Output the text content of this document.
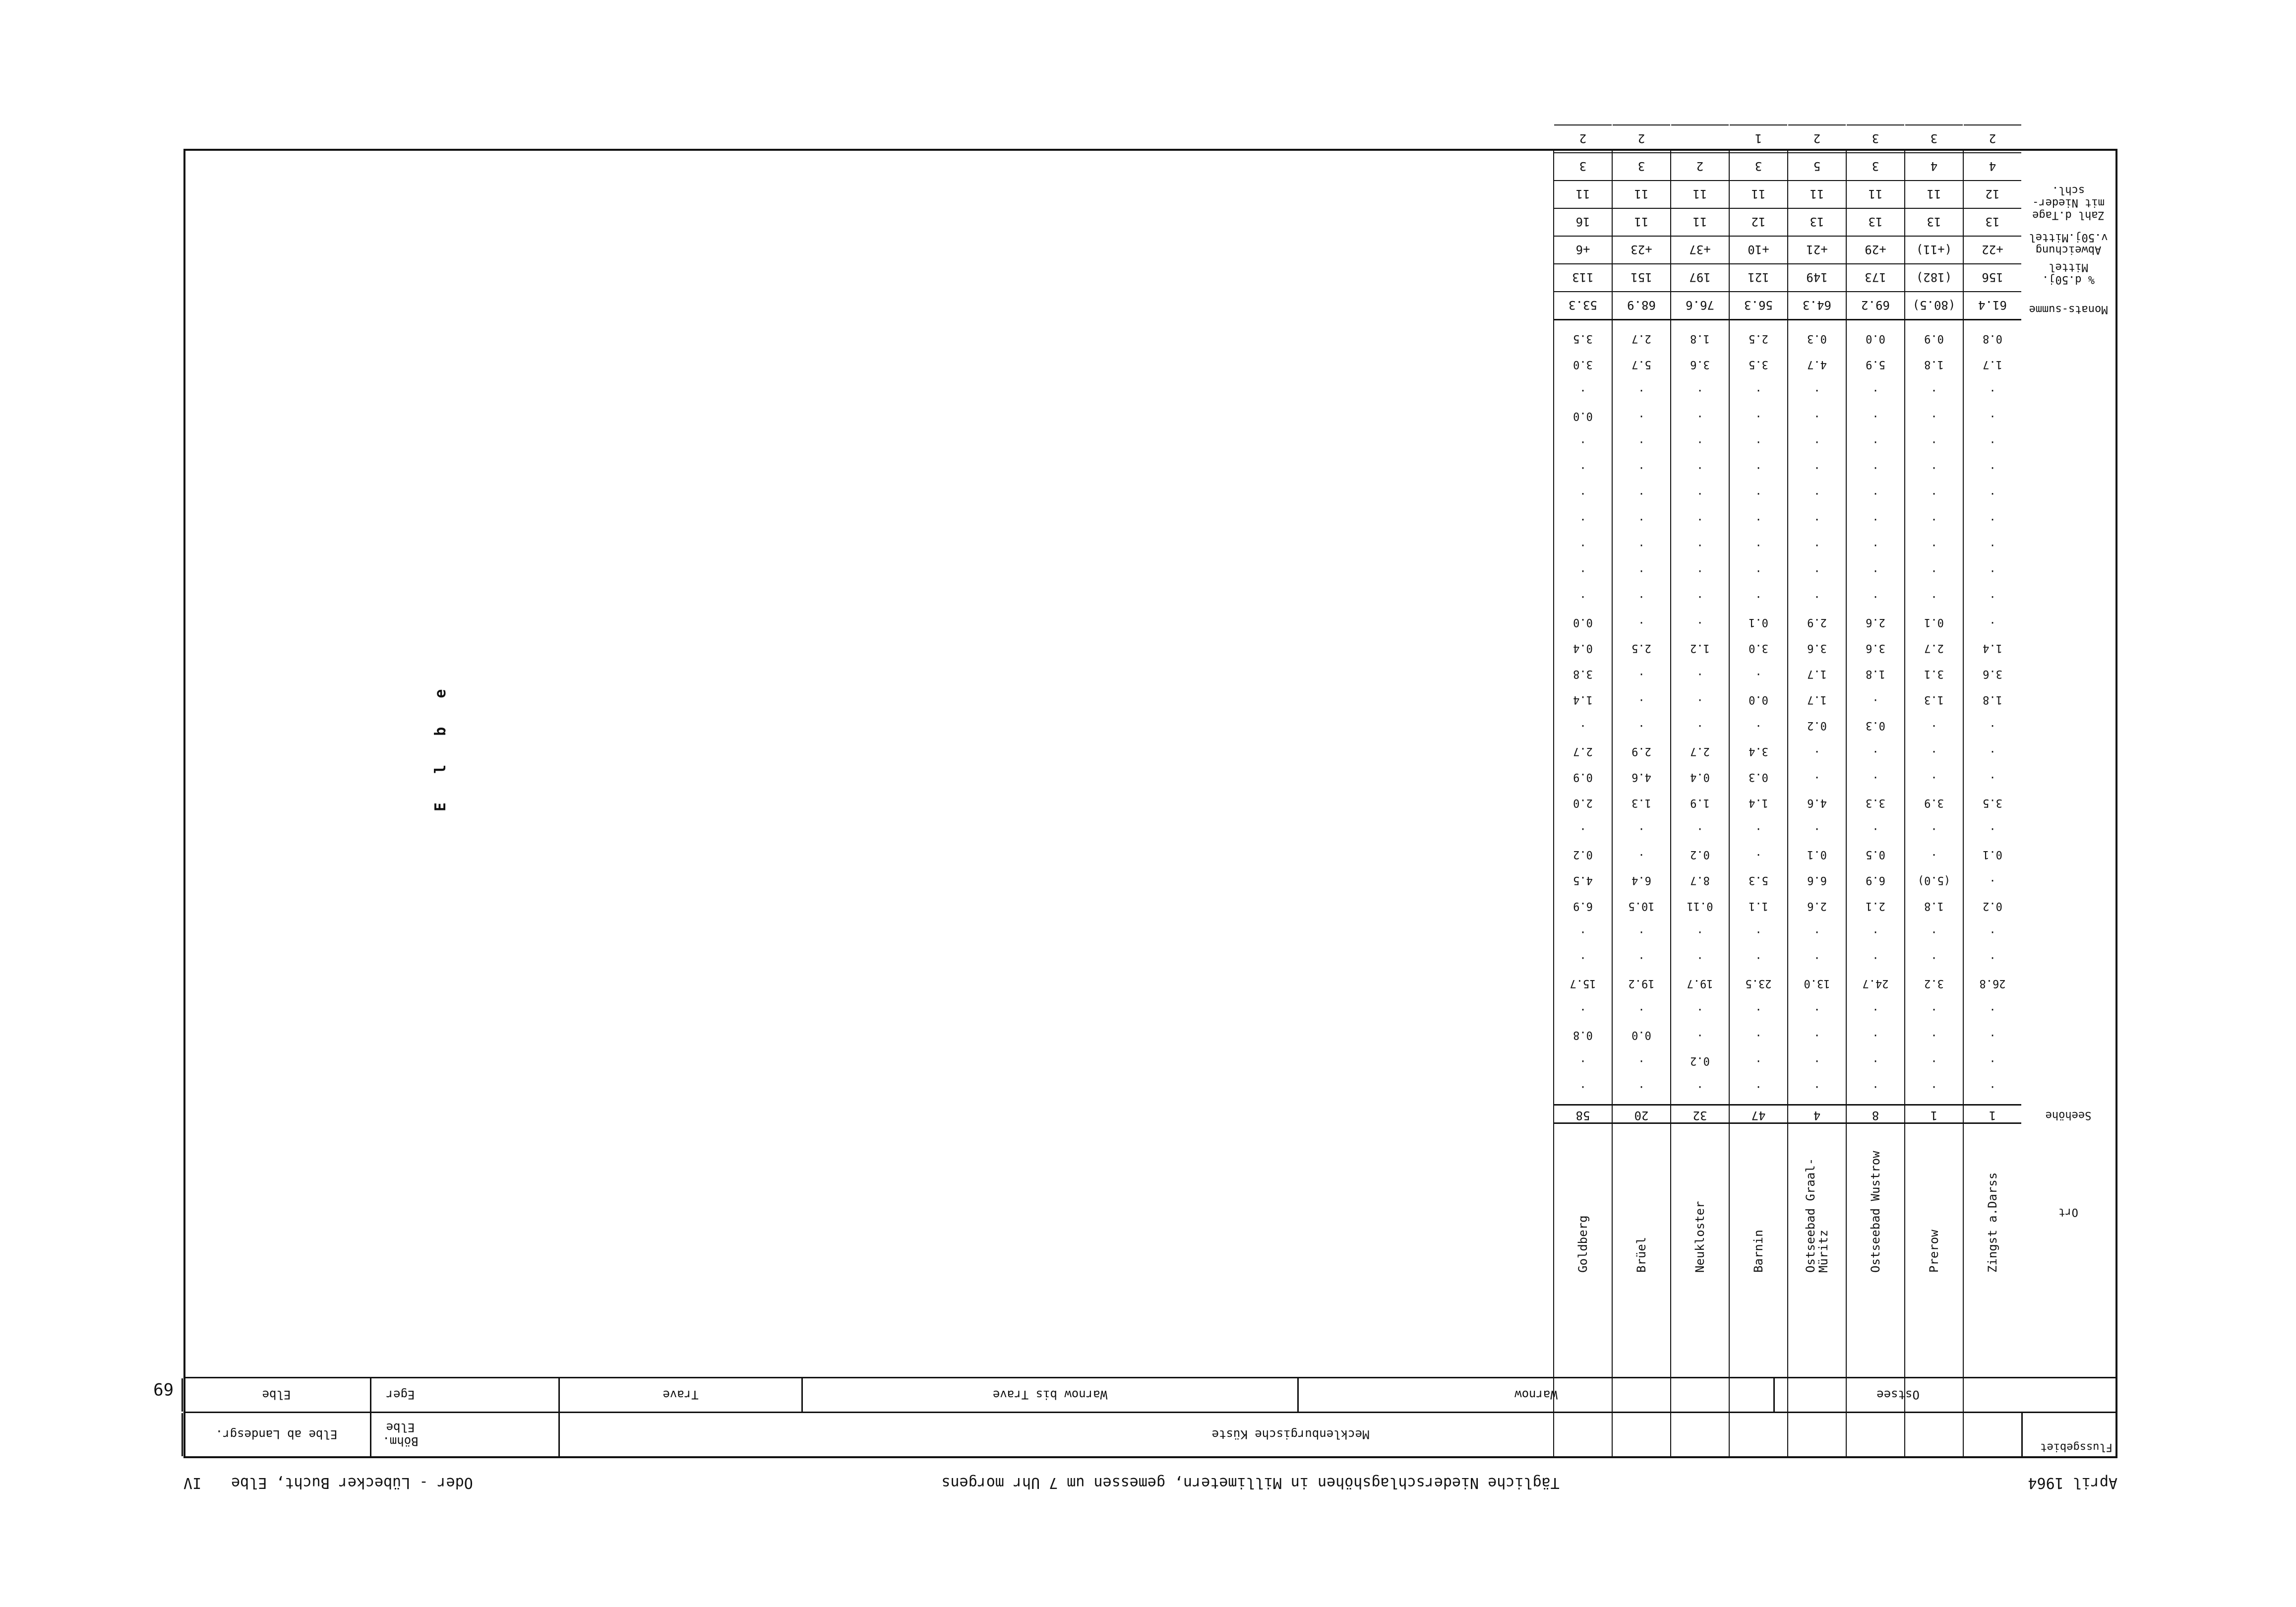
April 1964
Tägliche Niederschlagshöhen in Millimetern, gemessen um 7 Uhr morgens
Oder - Lübecker Bucht, Elbe
IV
69
Flussgebiet
Mecklenburgische Küste
Böhm. Elbe
Elbe ab Landesgr.
Ostsee
Warnow
Warnow bis Trave
Trave
Eger
Elbe
Ort
Seehöhe
Monats-summe
% d.50j. Mittel
Abweichung v.50j.Mittel
Zahl d.Tage mit Nieder-schl.
Zingst a.Darss
1
·
·
·
·
26.8
·
·
0.2
·
0.1
·
3.5
·
·
·
1.8
3.6
1.4
·
·
·
·
·
·
·
·
·
·
1.7
0.8
61.4
156
+22
13
12
4
2
Prerow
1
·
·
·
·
3.2
·
·
1.8
(5.0)
·
·
3.9
·
·
·
1.3
3.1
2.7
0.1
·
·
·
·
·
·
·
·
·
1.8
0.9
(80.5)
(182)
(+11)
13
11
4
3
Ostseebad Wustrow
8
·
·
·
·
24.7
·
·
2.1
6.9
0.5
·
3.3
·
·
0.3
·
1.8
3.6
2.6
·
·
·
·
·
·
·
·
·
5.9
0.0
69.2
173
+29
13
11
3
3
Ostseebad Graal-Müritz
4
·
·
·
·
13.0
·
·
2.6
6.6
0.1
·
4.6
·
·
0.2
1.7
1.7
3.6
2.9
·
·
·
·
·
·
·
·
·
4.7
0.3
64.3
149
+21
13
11
5
2
Barnin
47
·
·
·
·
23.5
·
·
1.1
5.3
·
·
1.4
0.3
3.4
·
0.0
·
3.0
0.1
·
·
·
·
·
·
·
·
·
3.5
2.5
56.3
121
+10
12
11
3
1
Neukloster
32
·
0.2
·
·
19.7
·
·
0.11
8.7
0.2
·
1.9
0.4
2.7
·
·
·
1.2
·
·
·
·
·
·
·
·
·
·
3.6
1.8
76.6
197
+37
11
11
2
Brüel
20
·
·
0.0
·
19.2
·
·
10.5
6.4
·
·
1.3
4.6
2.9
·
·
·
2.5
·
·
·
·
·
·
·
·
·
·
5.7
2.7
68.9
151
+23
11
11
3
2
Goldberg
58
·
·
0.8
·
15.7
·
·
6.9
4.5
0.2
·
2.0
0.9
2.7
·
1.4
3.8
0.4
0.0
·
·
·
·
·
·
·
0.0
·
3.0
3.5
53.3
113
+6
16
11
3
2
E l b e
